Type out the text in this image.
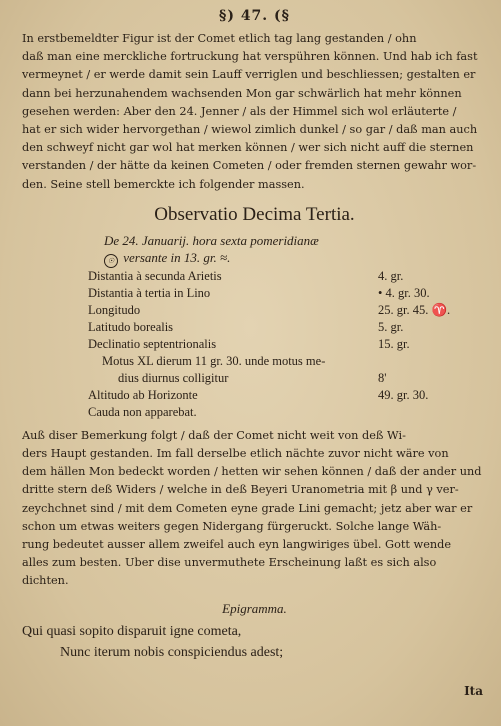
§) 47. (§

In erstbemeldter Figur ist der Comet etlich tag lang gestanden / ohn

daß man eine merckliche fortruckung hat verspühren können. Und hab ich fast

vermeynet / er werde damit sein Lauff verriglen und beschliessen; gestalten er

dann bei herzunahendem wachsenden Mon gar schwärlich hat mehr können

gesehen werden: Aber den 24. Jenner / als der Himmel sich wol erläuterte /

hat er sich wider hervorgethan / wiewol zimlich dunkel / so gar / daß man auch

den schweyf nicht gar wol hat merken können / wer sich nicht auff die sternen

verstanden / der hätte da keinen Cometen / oder fremden sternen gewahr wor-

den. Seine stell bemerckte ich folgender massen.

Observatio Decima Tertia.
De 24. Januarij. hora sexta pomeridianæ
☉ versante in 13. gr. ≈.
Distantia à secunda Arietis	4. gr.
Distantia à tertia in Lino	• 4. gr. 30.
Longitudo	25. gr. 45. ♈.
Latitudo borealis	5. gr.
Declinatio septentrionalis	15. gr.
Motus XL dierum 11 gr. 30. unde motus me-
dius diurnus colligitur	8'
Altitudo ab Horizonte	49. gr. 30.
Cauda non apparebat.

Auß diser Bemerkung folgt / daß der Comet nicht weit von deß Wi-

ders Haupt gestanden. Im fall derselbe etlich nächte zuvor nicht wäre von

dem hällen Mon bedeckt worden / hetten wir sehen können / daß der ander und

dritte stern deß Widers / welche in deß Beyeri Uranometria mit β und γ ver-

zeychchnet sind / mit dem Cometen eyne grade Lini gemacht; jetz aber war er

schon um etwas weiters gegen Nidergang fürgeruckt. Solche lange Wäh-

rung bedeutet ausser allem zweifel auch eyn langwiriges übel. Gott wende

alles zum besten. Uber dise unvermuthete Erscheinung laßt es sich also

dichten.

Epigramma.
Qui quasi sopito disparuit igne cometa,
Nunc iterum nobis conspiciendus adest;
Ita
